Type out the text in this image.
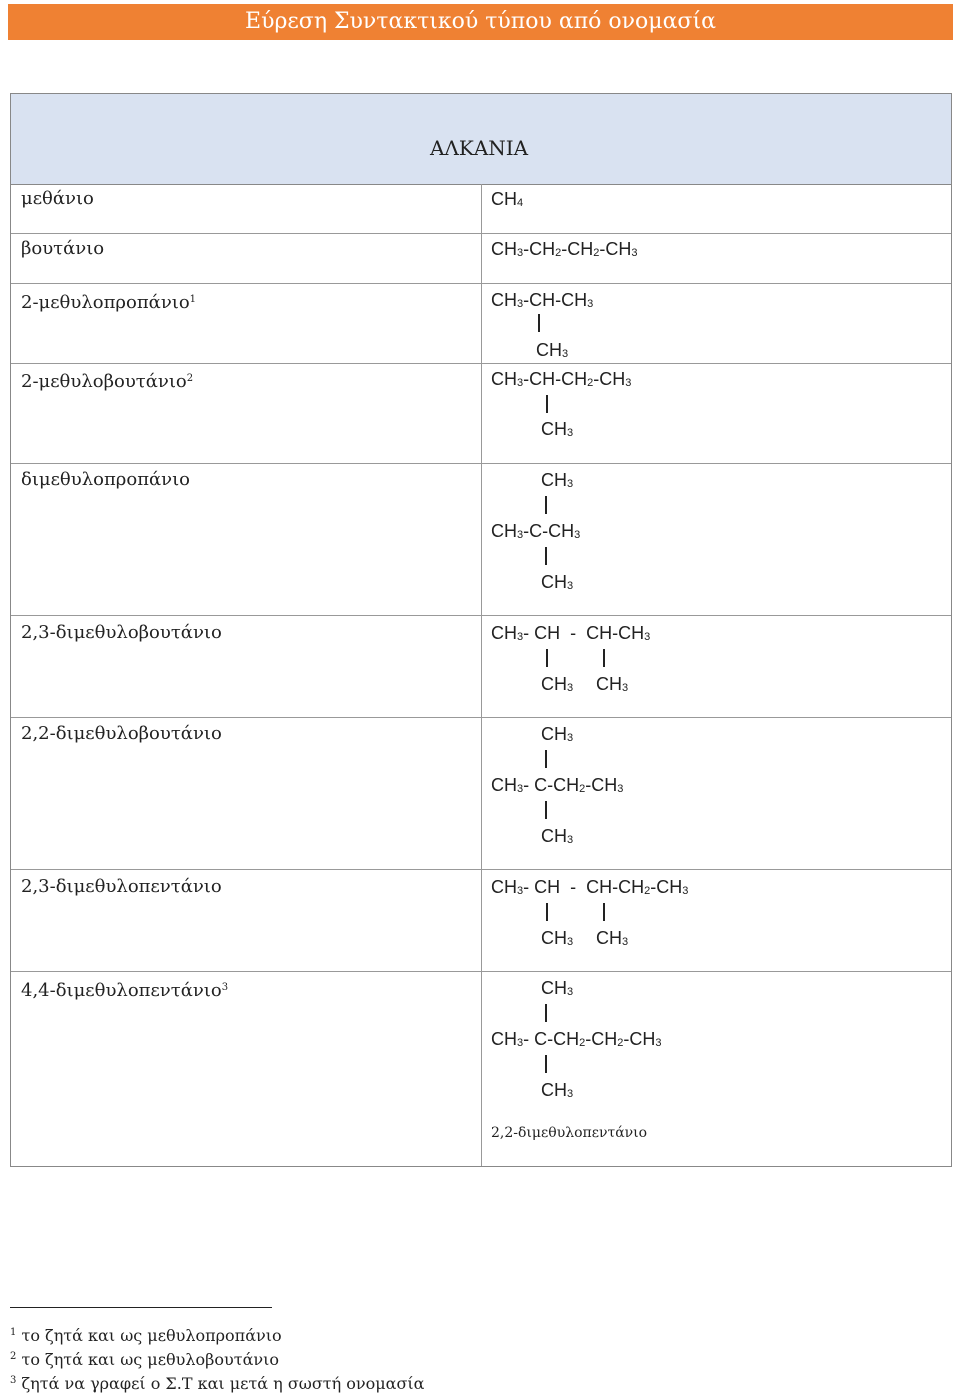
Εύρεση Συντακτικού τύπου από ονομασία
ΑΛΚΑΝΙΑ
μεθάνιο
βουτάνιο
2-μεθυλοπροπάνιο$^1$
2-μεθυλοβουτάνιο$^2$
διμεθυλοπροπάνιο
2,3-διμεθυλοβουτάνιο
2,2-διμεθυλοβουτάνιο
2,3-διμεθυλοπεντάνιο
4,4-διμεθυλοπεντάνιο$^3$
$CH_4$
$CH_3-CH_2-CH_2-CH_3$
$CH_3-CH-CH_3$
$CH_3$
$CH_3-CH-CH_2-CH_3$
$CH_3$
$CH_3$
$CH_3-C-CH_3$
$CH_3$
$CH_3-$ CH  -  $CH-CH_3$
$CH_3$ $CH_3$
$CH_3$
$CH_3-$ $C-CH_2-CH_3$
$CH_3$
$CH_3-$ CH  -  $CH-CH_2-CH_3$
$CH_3$ $CH_3$
$CH_3$
$CH_3-$ $C-CH_2-CH_2-CH_3$
$CH_3$
2,2-διμεθυλοπεντάνιο
$^1$ το ζητά και ως μεθυλοπροπάνιο
$^2$ το ζητά και ως μεθυλοβουτάνιο
$^3$ ζητά να γραφεί ο Σ.Τ και μετά η σωστή ονομασία
